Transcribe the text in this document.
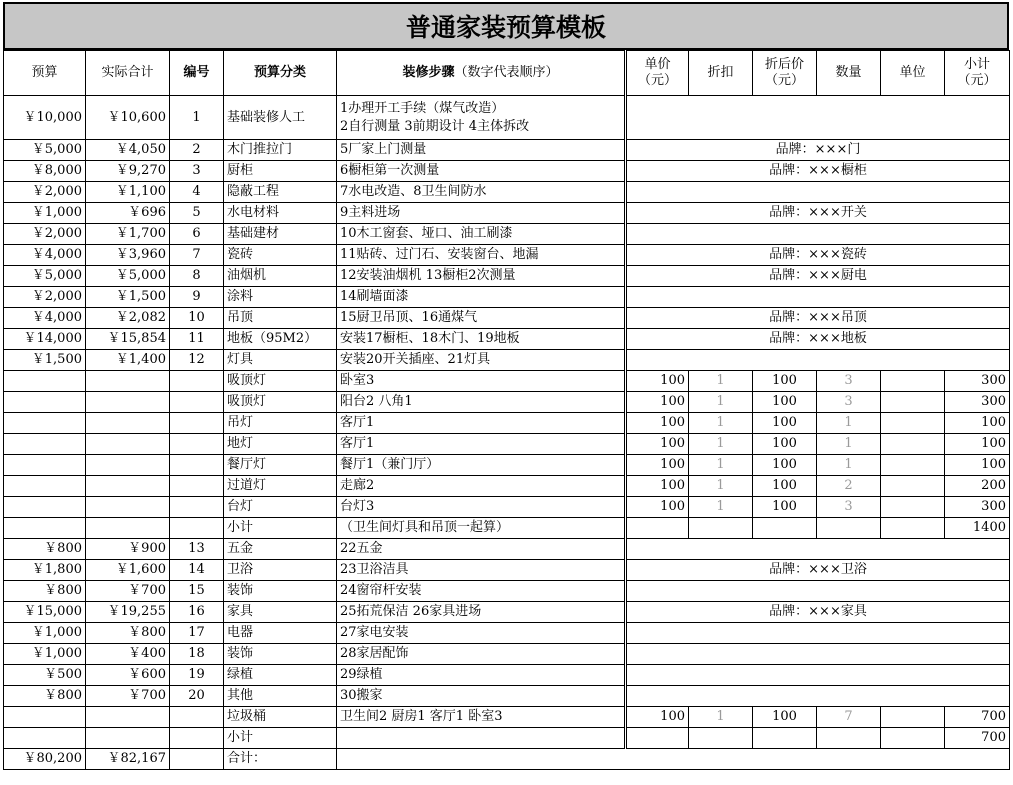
普通家装预算模板
预算	实际合计	编号	预算分类	装修步骤（数字代表顺序）	单价（元）	折扣	折后价（元）	数量	单位	小计（元）
￥10,000	￥10,600	1	基础装修人工	1办理开工手续（煤气改造）
2自行测量 3前期设计 4主体拆改						
￥5,000	￥4,050	2	木门推拉门	5厂家上门测量	品牌：×××门					
￥8,000	￥9,270	3	厨柜	6橱柜第一次测量	品牌：×××橱柜					
￥2,000	￥1,100	4	隐蔽工程	7水电改造、8卫生间防水						
￥1,000	￥696	5	水电材料	9主料进场	品牌：×××开关					
￥2,000	￥1,700	6	基础建材	10木工窗套、垭口、油工刷漆						
￥4,000	￥3,960	7	瓷砖	11贴砖、过门石、安装窗台、地漏	品牌：×××瓷砖					
￥5,000	￥5,000	8	油烟机	12安装油烟机 13橱柜2次测量	品牌：×××厨电					
￥2,000	￥1,500	9	涂料	14刷墙面漆						
￥4,000	￥2,082	10	吊顶	15厨卫吊顶、16通煤气	品牌：×××吊顶					
￥14,000	￥15,854	11	地板（95M2）	安装17橱柜、18木门、19地板	品牌：×××地板					
￥1,500	￥1,400	12	灯具	安装20开关插座、21灯具						
			吸顶灯	卧室3	100	1	100	3		300
			吸顶灯	阳台2 八角1	100	1	100	3		300
			吊灯	客厅1	100	1	100	1		100
			地灯	客厅1	100	1	100	1		100
			餐厅灯	餐厅1（兼门厅）	100	1	100	1		100
			过道灯	走廊2	100	1	100	2		200
			台灯	台灯3	100	1	100	3		300
			小计	（卫生间灯具和吊顶一起算）						1400
￥800	￥900	13	五金	22五金						
￥1,800	￥1,600	14	卫浴	23卫浴洁具	品牌：×××卫浴					
￥800	￥700	15	装饰	24窗帘杆安装						
￥15,000	￥19,255	16	家具	25拓荒保洁 26家具进场	品牌：×××家具					
￥1,000	￥800	17	电器	27家电安装						
￥1,000	￥400	18	装饰	28家居配饰						
￥500	￥600	19	绿植	29绿植						
￥800	￥700	20	其他	30搬家						
			垃圾桶	卫生间2 厨房1 客厅1 卧室3	100	1	100	7		700
			小计							700
￥80,200	￥82,167		合计：							
